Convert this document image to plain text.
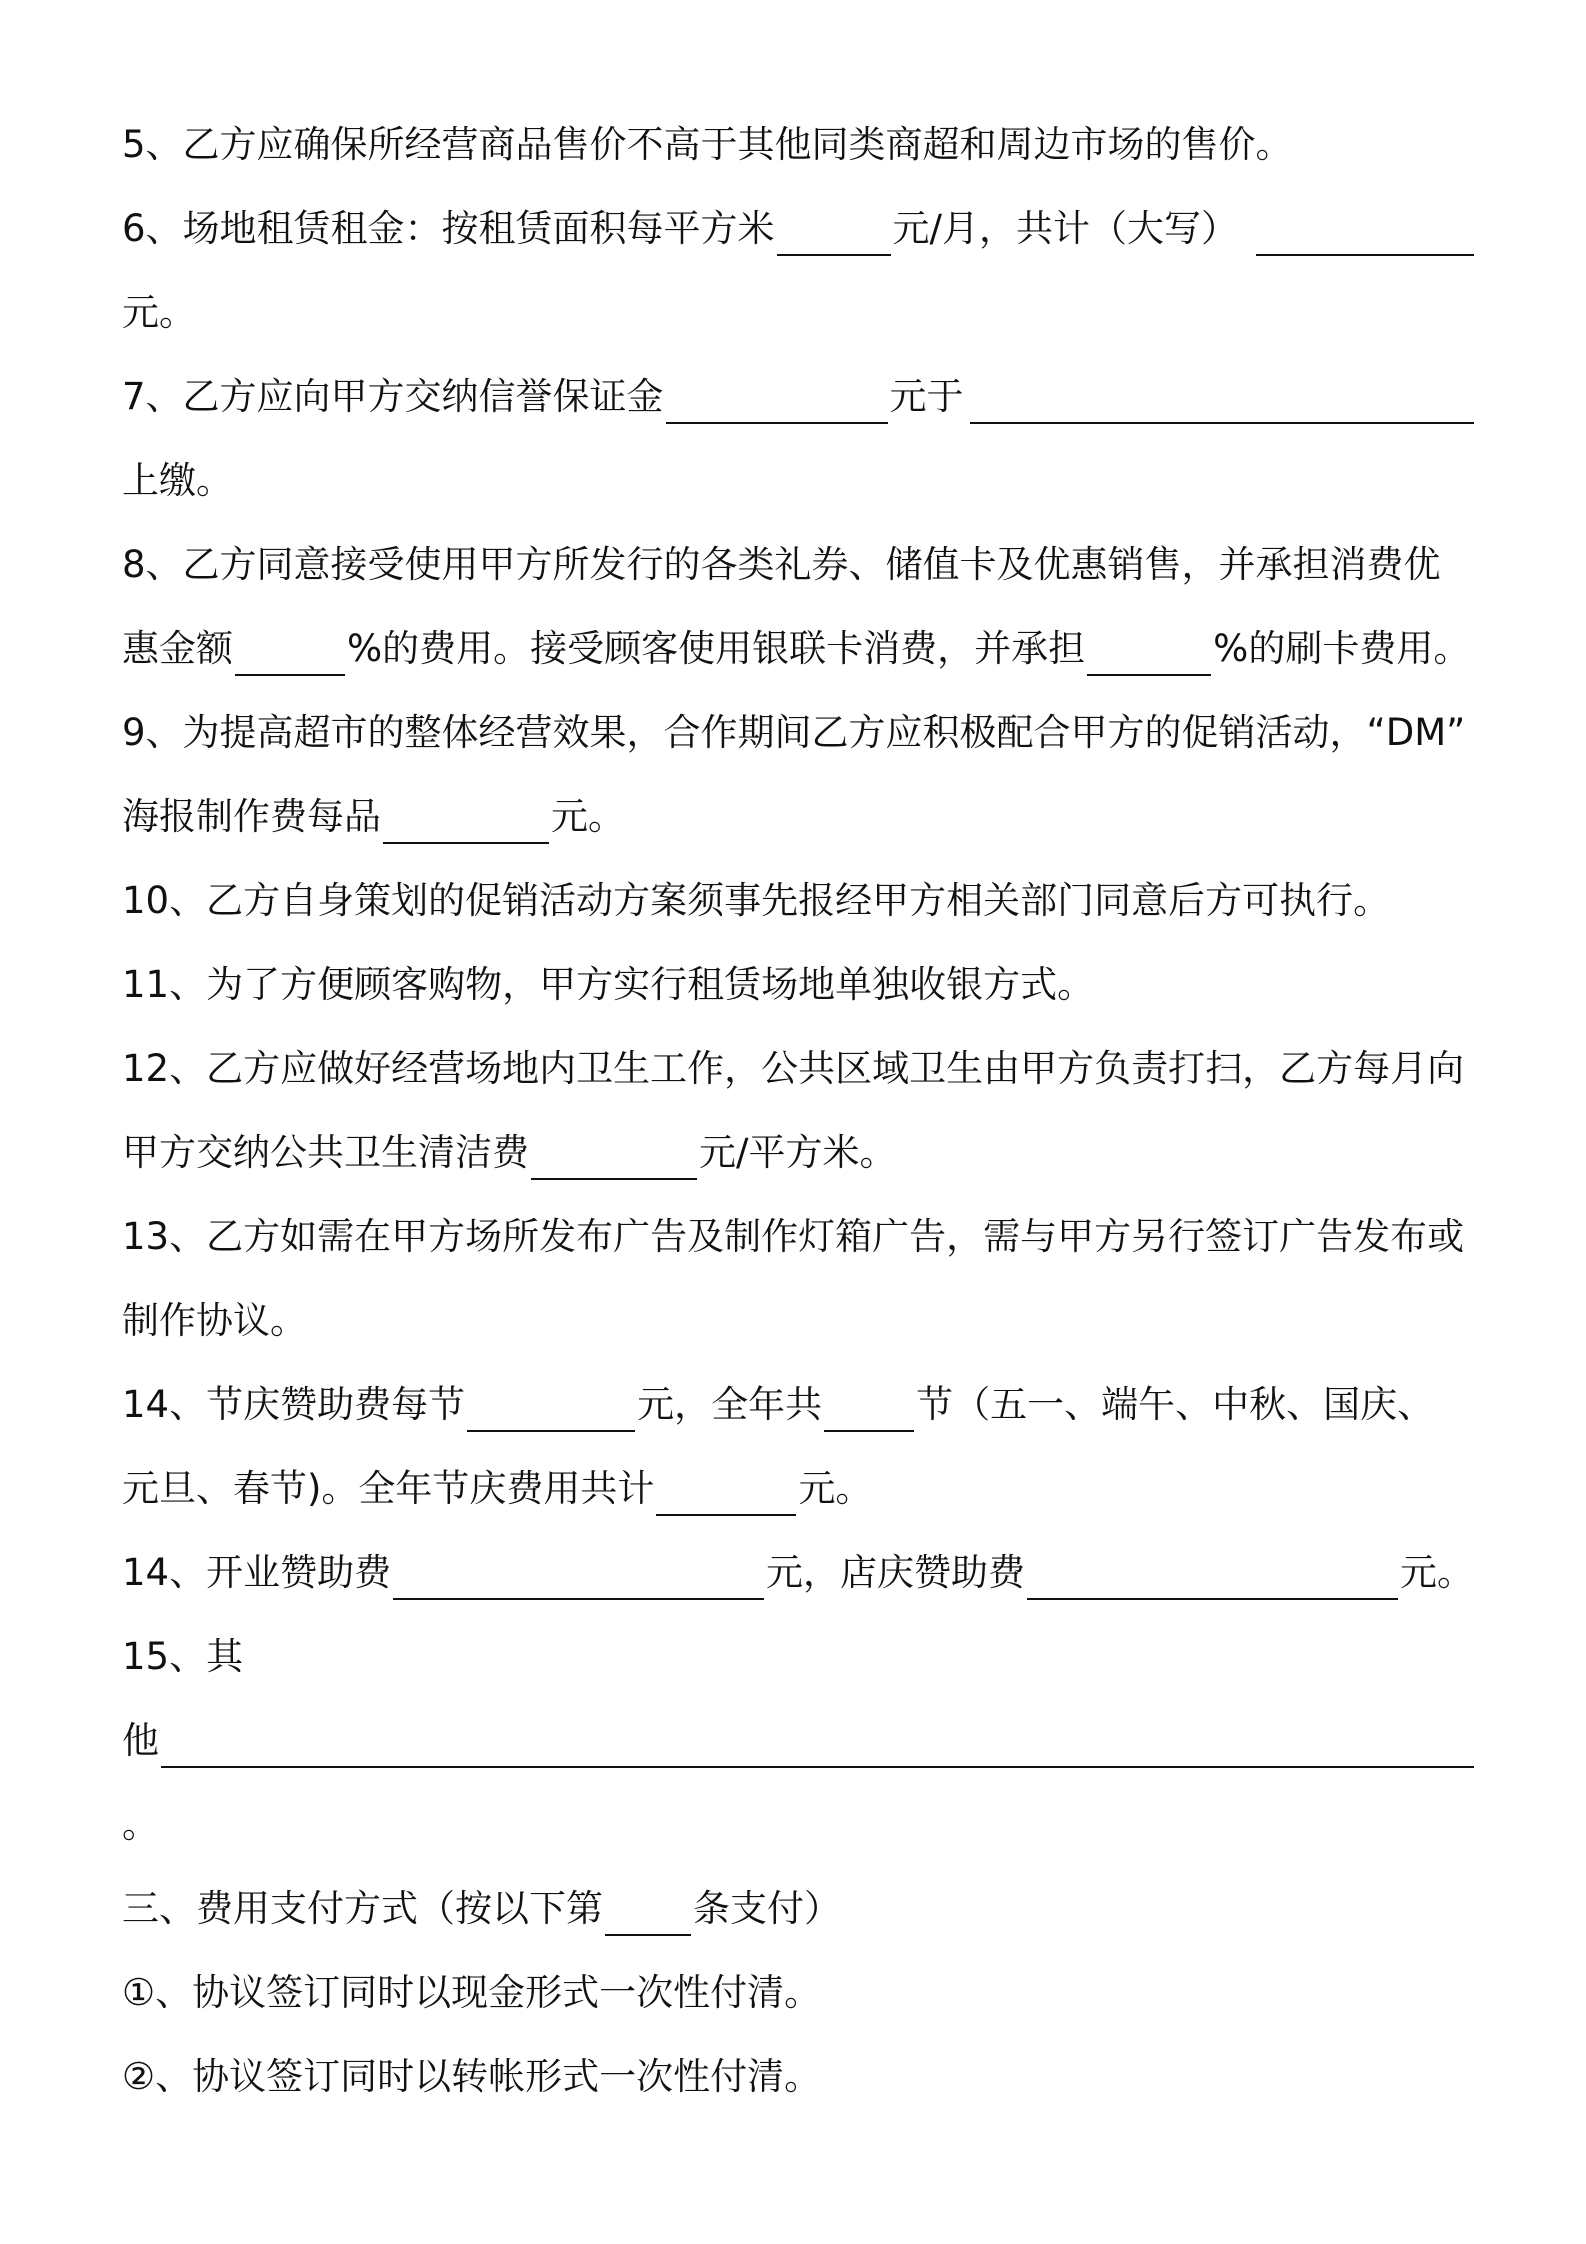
5、乙方应确保所经营商品售价不高于其他同类商超和周边市场的售价。
6、场地租赁租金：按租赁面积每平方米	元/月，共计（大写）
元。
7、乙方应向甲方交纳信誉保证金	元于
上缴。
8、乙方同意接受使用甲方所发行的各类礼券、储值卡及优惠销售，并承担消费优
惠金额	%的费用。接受顾客使用银联卡消费，并承担	%的刷卡费用。
9、为提高超市的整体经营效果，合作期间乙方应积极配合甲方的促销活动，“DM”
海报制作费每品	元。
10、乙方自身策划的促销活动方案须事先报经甲方相关部门同意后方可执行。
11、为了方便顾客购物，甲方实行租赁场地单独收银方式。
12、乙方应做好经营场地内卫生工作，公共区域卫生由甲方负责打扫，乙方每月向
甲方交纳公共卫生清洁费	元/平方米。
13、乙方如需在甲方场所发布广告及制作灯箱广告，需与甲方另行签订广告发布或
制作协议。
14、节庆赞助费每节	元，全年共	节（五一、端午、中秋、国庆、
元旦、春节)。全年节庆费用共计	元。
14、开业赞助费	元，店庆赞助费	元。
15、其
他
。
三、费用支付方式（按以下第 条支付）
①、协议签订同时以现金形式一次性付清。
②、协议签订同时以转帐形式一次性付清。
